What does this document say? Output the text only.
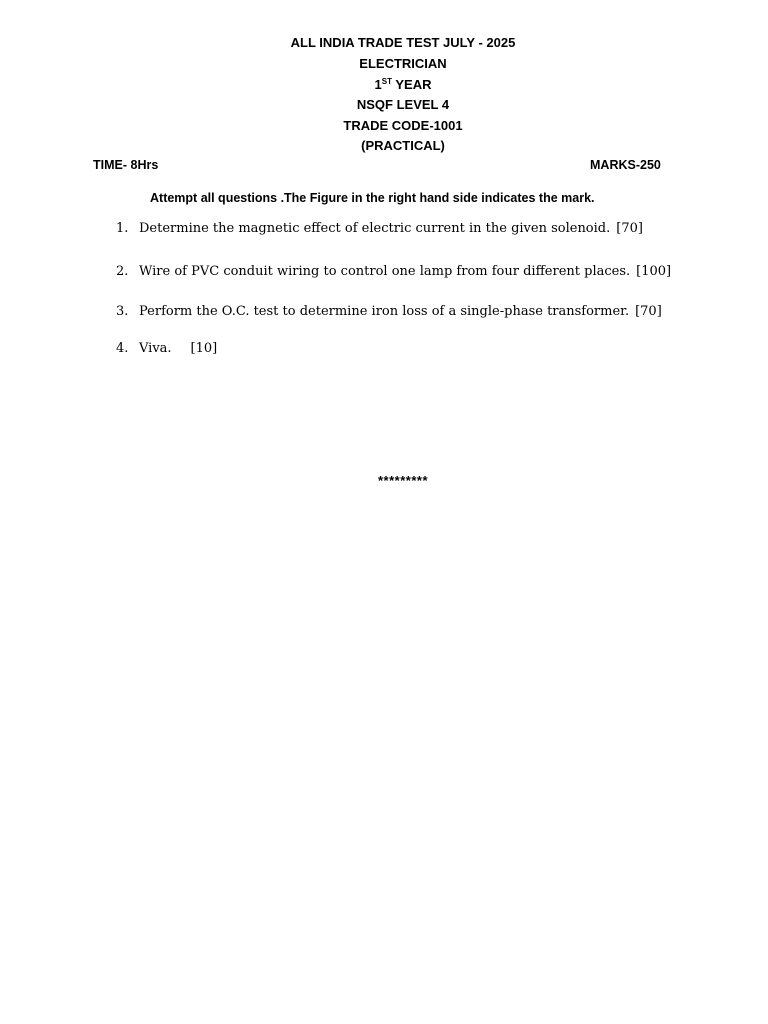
ALL INDIA TRADE TEST JULY - 2025
ELECTRICIAN
1ST YEAR
NSQF LEVEL 4
TRADE CODE-1001
(PRACTICAL)
TIME- 8Hrs	MARKS-250
Attempt all questions .The Figure in the right hand side indicates the mark.
1. Determine the magnetic effect of electric current in the given solenoid. [70]
2. Wire of PVC conduit wiring to control one lamp from four different places. [100]
3. Perform the O.C. test to determine iron loss of a single-phase transformer. [70]
4. Viva. [10]
*********
